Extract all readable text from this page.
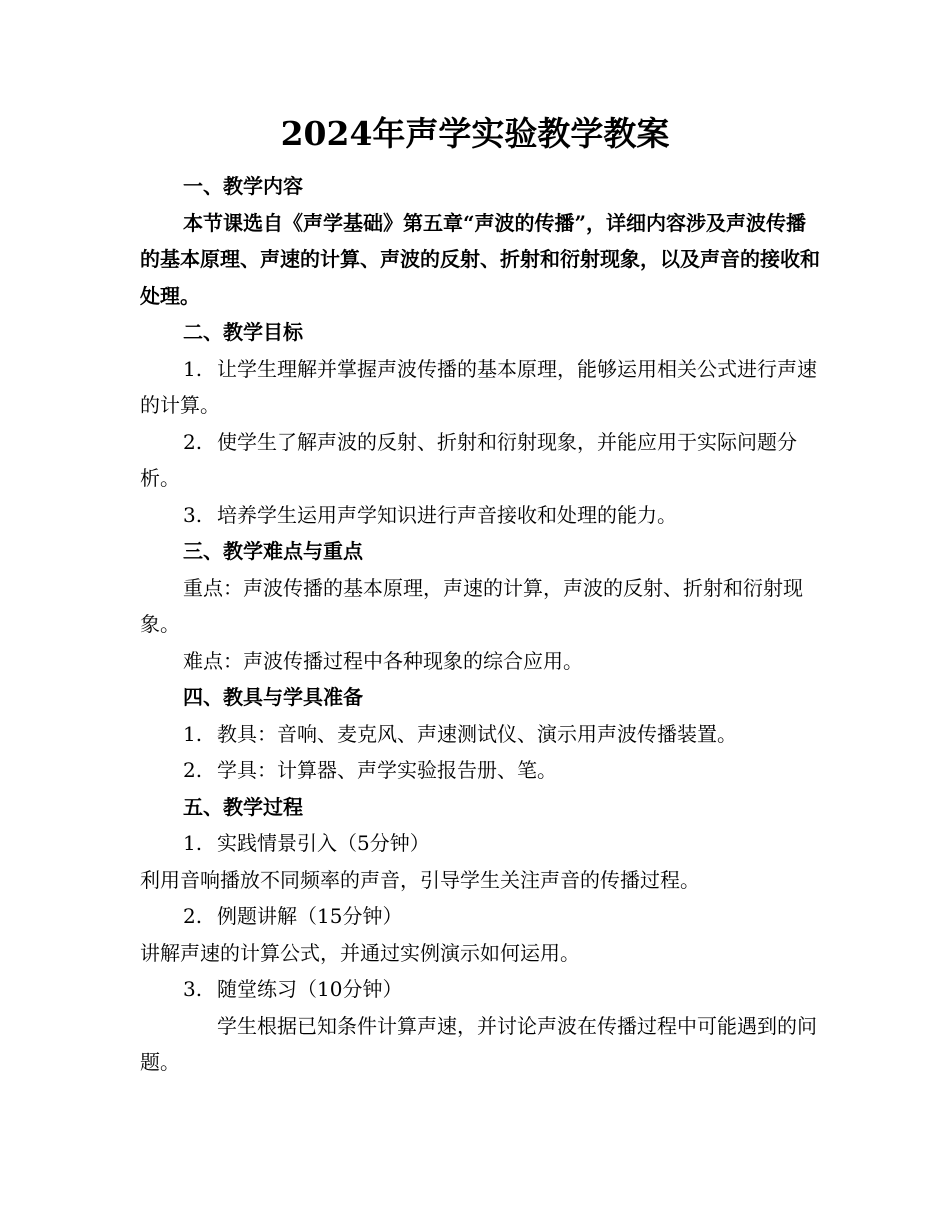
2024年声学实验教学教案

一、教学内容

本节课选自《声学基础》第五章“声波的传播”，详细内容涉及声波传播的基本原理、声速的计算、声波的反射、折射和衍射现象，以及声音的接收和处理。

二、教学目标

1. 让学生理解并掌握声波传播的基本原理，能够运用相关公式进行声速的计算。

2. 使学生了解声波的反射、折射和衍射现象，并能应用于实际问题分析。

3. 培养学生运用声学知识进行声音接收和处理的能力。

三、教学难点与重点

重点：声波传播的基本原理，声速的计算，声波的反射、折射和衍射现象。

难点：声波传播过程中各种现象的综合应用。

四、教具与学具准备

1. 教具：音响、麦克风、声速测试仪、演示用声波传播装置。

2. 学具：计算器、声学实验报告册、笔。

五、教学过程

1. 实践情景引入（5分钟）

利用音响播放不同频率的声音，引导学生关注声音的传播过程。

2. 例题讲解（15分钟）

讲解声速的计算公式，并通过实例演示如何运用。

3. 随堂练习（10分钟）

学生根据已知条件计算声速，并讨论声波在传播过程中可能遇到的问题。
